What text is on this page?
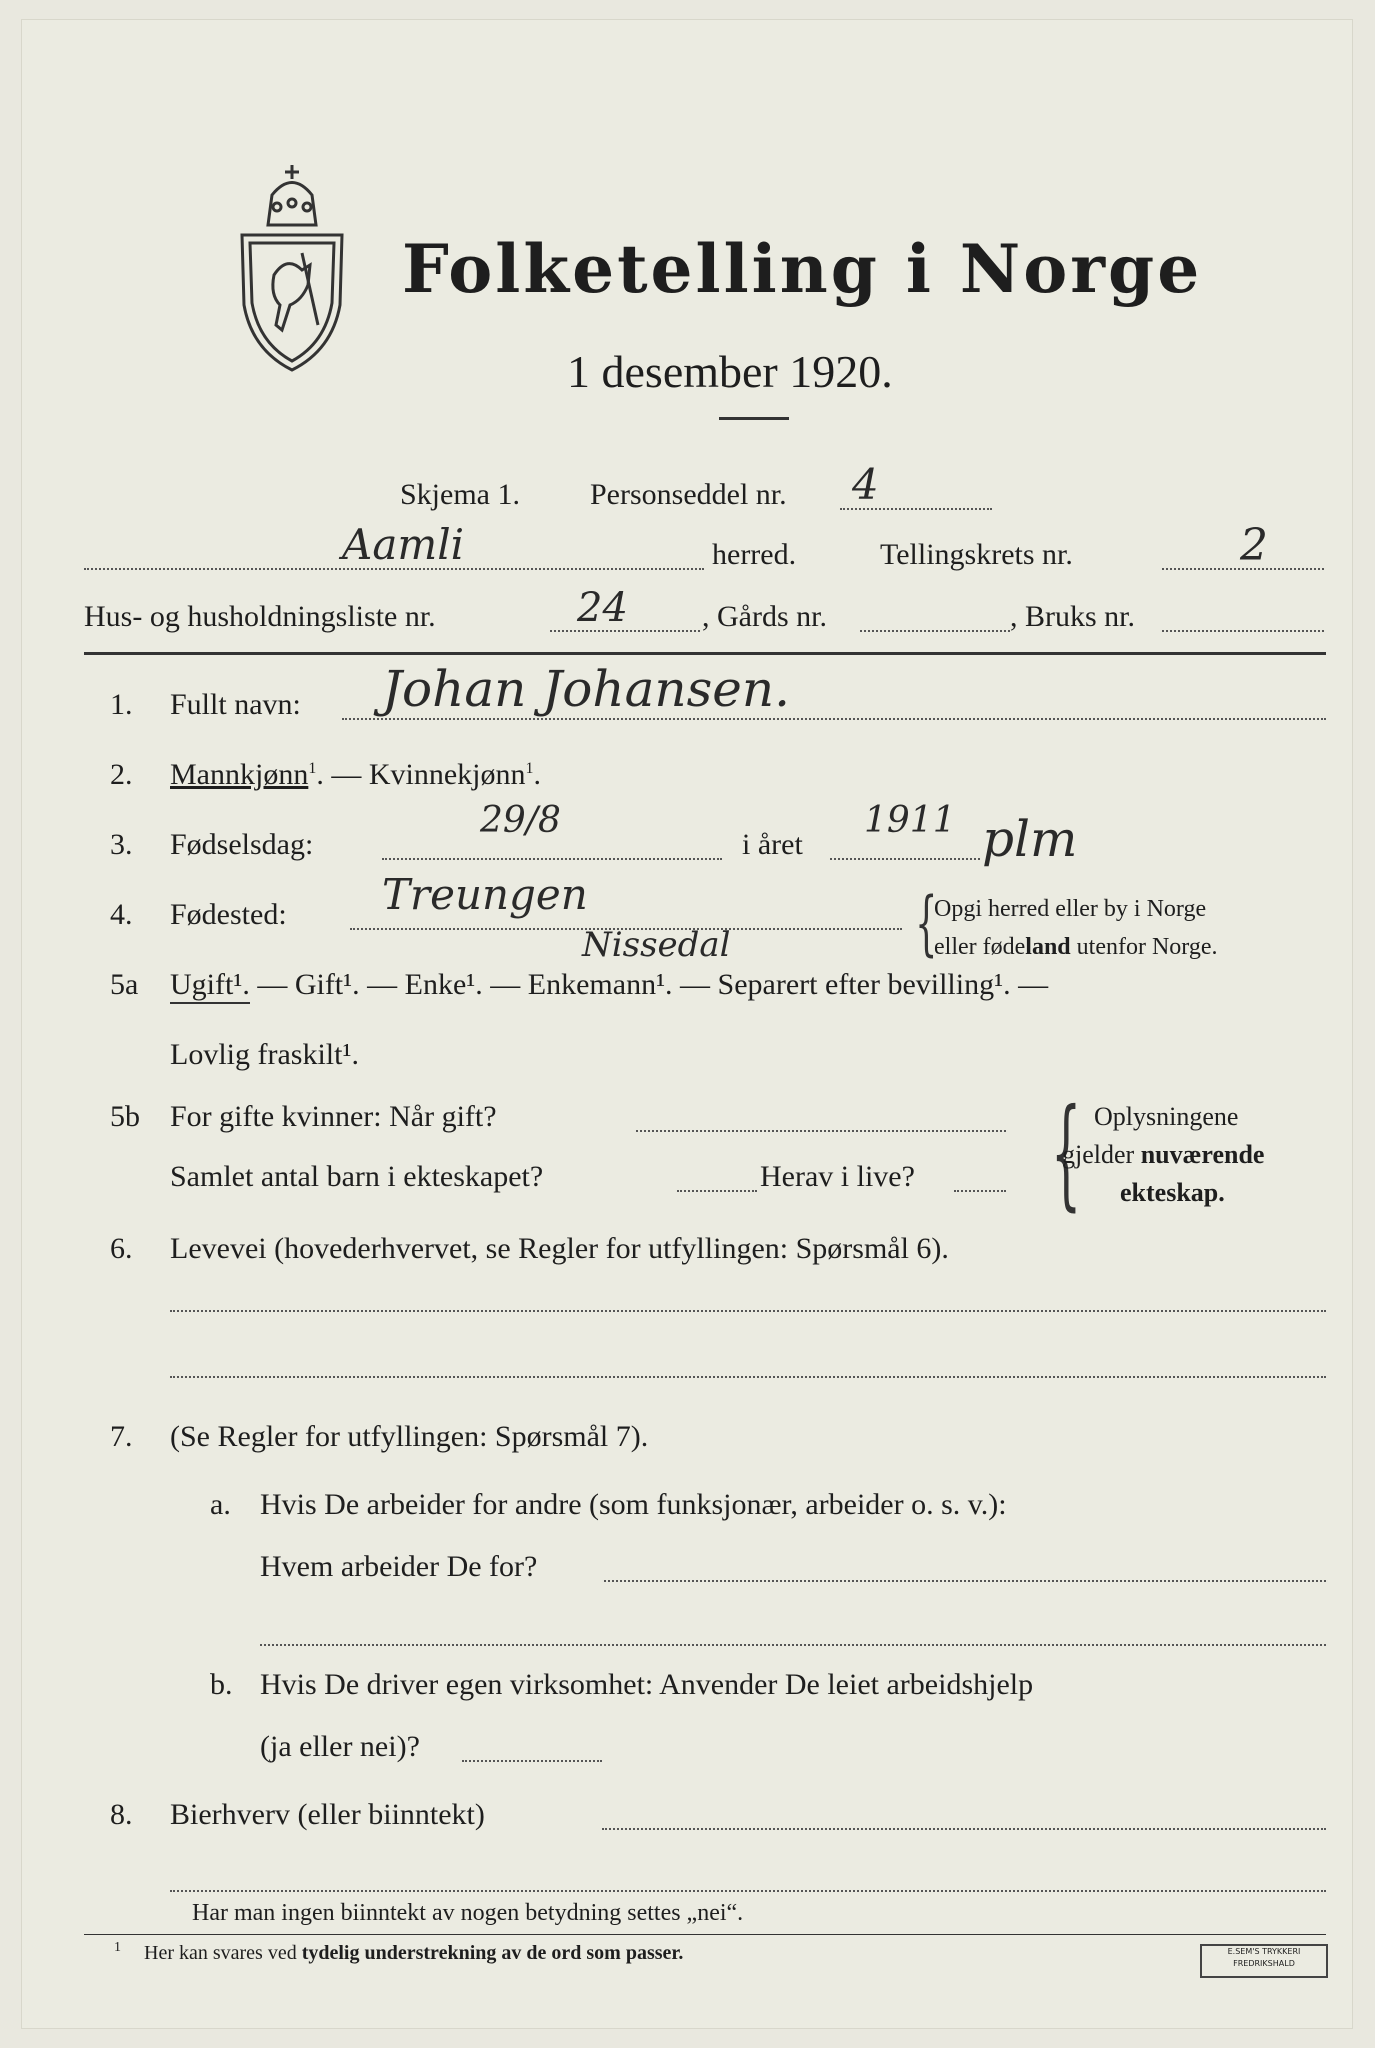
Folketelling i Norge
1 desember 1920.
Skjema 1. Personseddel nr. 4
Aamli	herred.	Tellingskrets nr.	2
Hus- og husholdningsliste nr.	24 , Gårds nr.	, Bruks nr.
1. Fullt navn: Johan Johansen.
2. Mannkjønn$^1$. — Kvinnekjønn$^1$.
3. Fødselsdag:
29/8
i året
1911 plm
4. Fødested: Treungen
Nissedal	{
Opgi herred eller by i Norge
eller fødeland utenfor Norge.
5a Ugift¹. — Gift¹. — Enke¹. — Enkemann¹. — Separert efter bevilling¹. —
Lovlig fraskilt¹.
5b For gifte kvinner: Når gift?
Samlet antal barn i ekteskapet?	Herav i live? { Oplysningene
gjelder nuværende
ekteskap.
6. Levevei (hovederhvervet, se Regler for utfyllingen: Spørsmål 6).
7. (Se Regler for utfyllingen: Spørsmål 7).
a. Hvis De arbeider for andre (som funksjonær, arbeider o. s. v.):
Hvem arbeider De for?
b. Hvis De driver egen virksomhet: Anvender De leiet arbeidshjelp
(ja eller nei)?
8. Bierhverv (eller biinntekt)
Har man ingen biinntekt av nogen betydning settes „nei“.
1 Her kan svares ved tydelig understrekning av de ord som passer.	E.SEM'S TRYKKERI
FREDRIKSHALD
